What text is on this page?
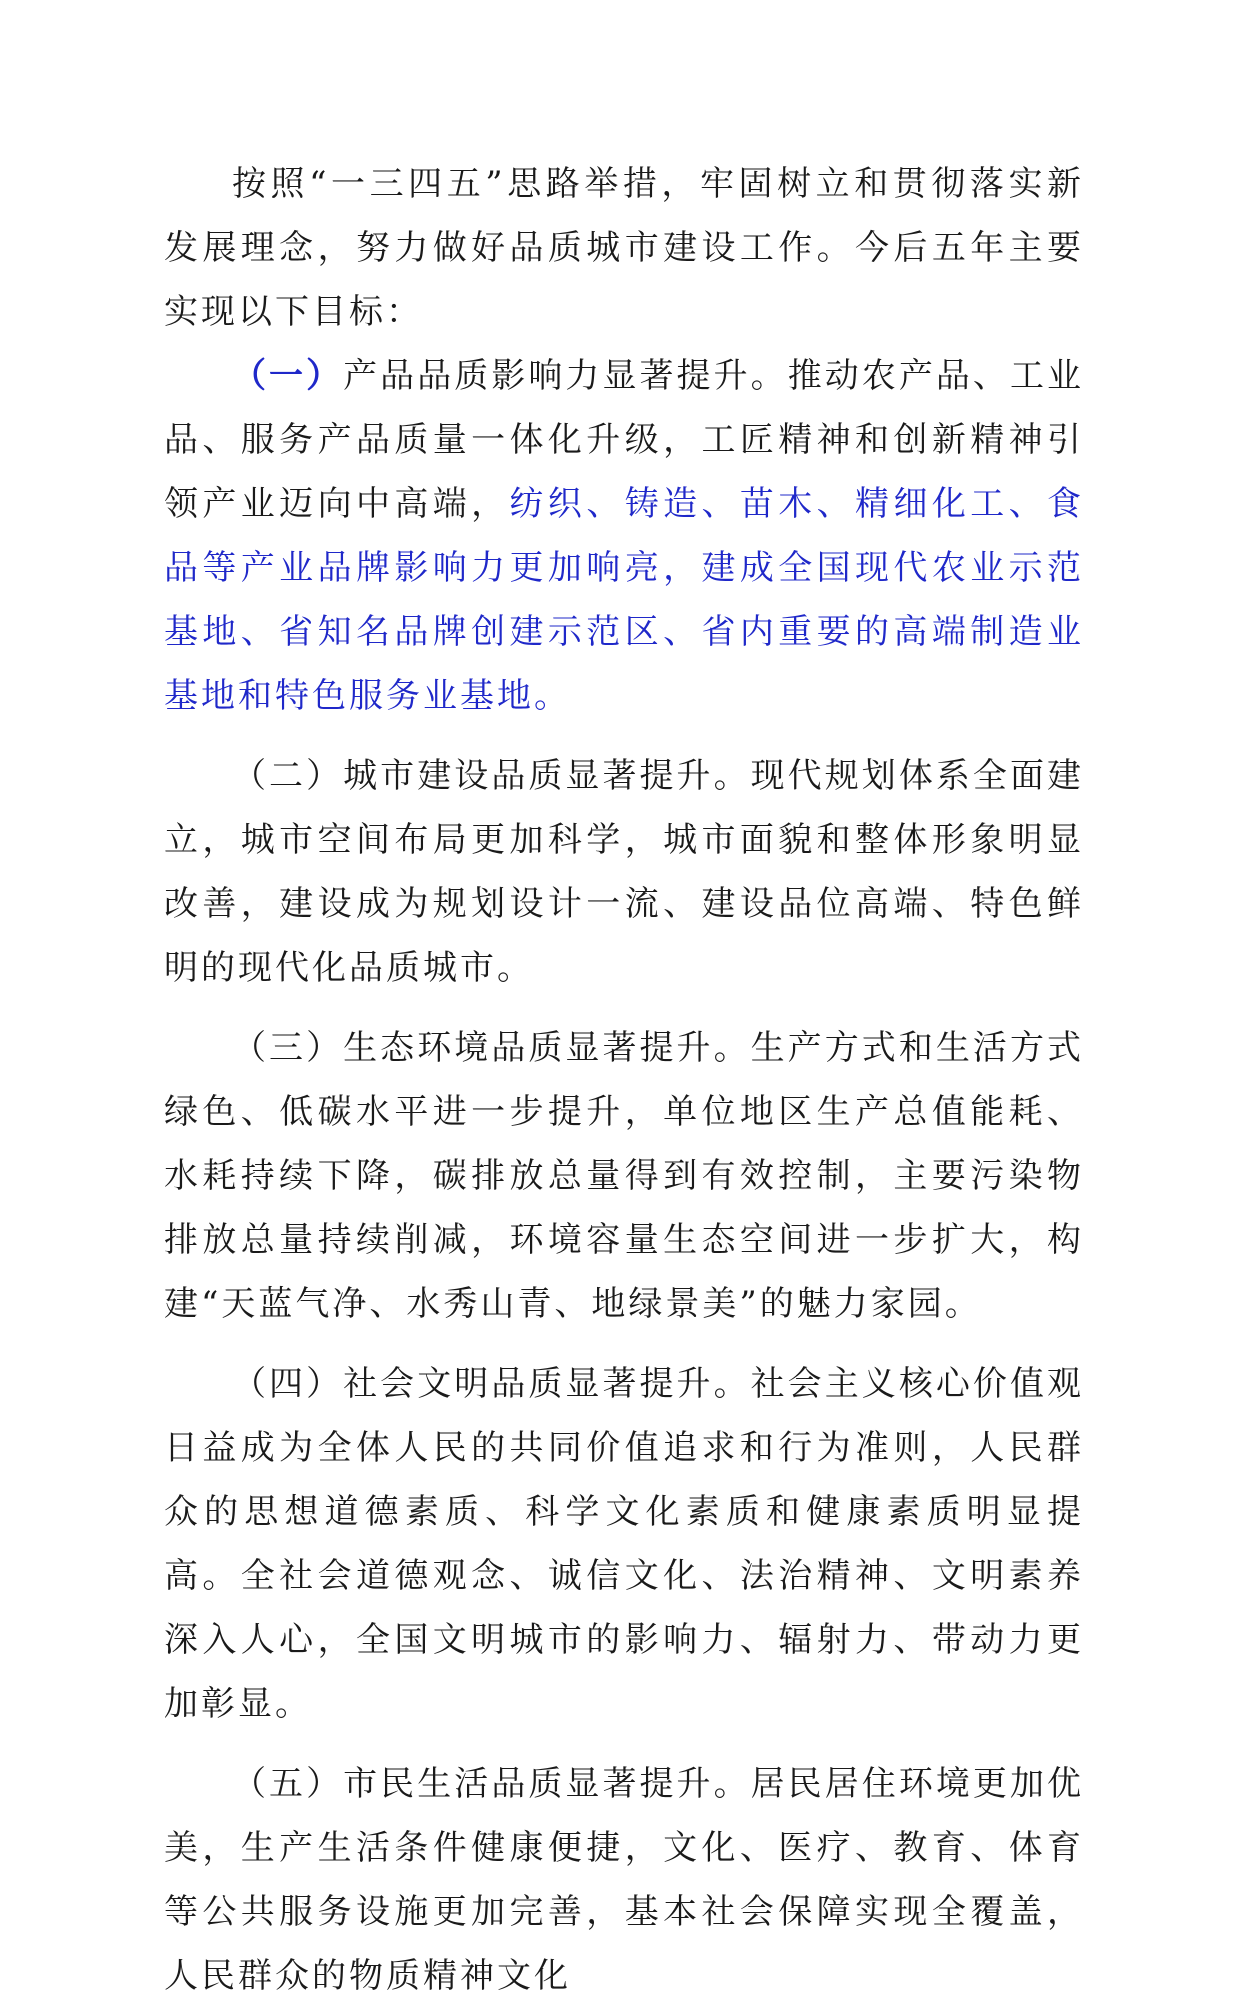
按照“一三四五”思路举措，牢固树立和贯彻落实新发展理念，努力做好品质城市建设工作。今后五年主要实现以下目标：

（一）产品品质影响力显著提升。推动农产品、工业品、服务产品质量一体化升级，工匠精神和创新精神引领产业迈向中高端，纺织、铸造、苗木、精细化工、食品等产业品牌影响力更加响亮，建成全国现代农业示范基地、省知名品牌创建示范区、省内重要的高端制造业基地和特色服务业基地。

（二）城市建设品质显著提升。现代规划体系全面建立，城市空间布局更加科学，城市面貌和整体形象明显改善，建设成为规划设计一流、建设品位高端、特色鲜明的现代化品质城市。

（三）生态环境品质显著提升。生产方式和生活方式绿色、低碳水平进一步提升，单位地区生产总值能耗、水耗持续下降，碳排放总量得到有效控制，主要污染物排放总量持续削减，环境容量生态空间进一步扩大，构建“天蓝气净、水秀山青、地绿景美”的魅力家园。

（四）社会文明品质显著提升。社会主义核心价值观日益成为全体人民的共同价值追求和行为准则，人民群众的思想道德素质、科学文化素质和健康素质明显提高。全社会道德观念、诚信文化、法治精神、文明素养深入人心，全国文明城市的影响力、辐射力、带动力更加彰显。

（五）市民生活品质显著提升。居民居住环境更加优美，生产生活条件健康便捷，文化、医疗、教育、体育等公共服务设施更加完善，基本社会保障实现全覆盖，人民群众的物质精神文化
